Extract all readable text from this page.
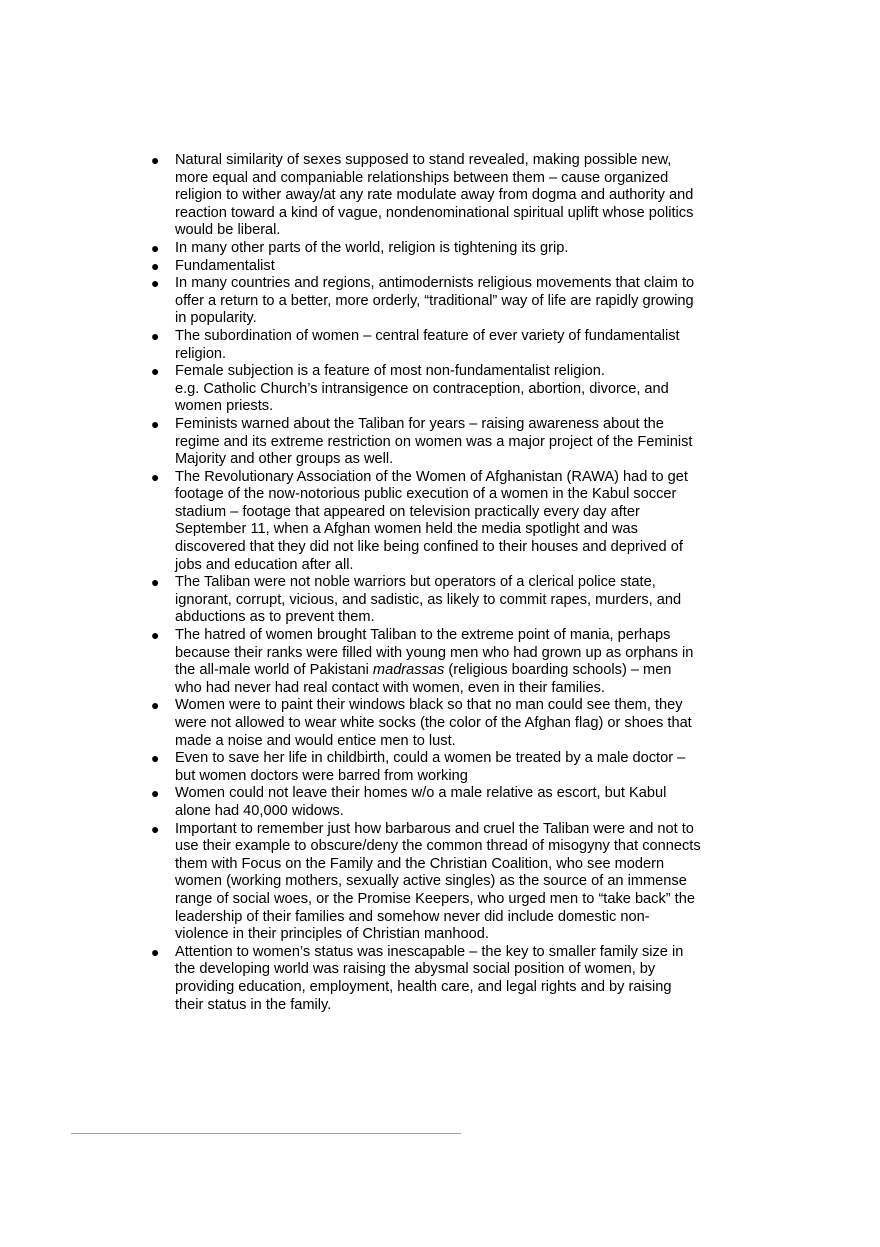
● Natural similarity of sexes supposed to stand revealed, making possible new,
more equal and companiable relationships between them – cause organized
religion to wither away/at any rate modulate away from dogma and authority and
reaction toward a kind of vague, nondenominational spiritual uplift whose politics
would be liberal.
● In many other parts of the world, religion is tightening its grip.
● Fundamentalist
● In many countries and regions, antimodernists religious movements that claim to
offer a return to a better, more orderly, “traditional” way of life are rapidly growing
in popularity.
● The subordination of women – central feature of ever variety of fundamentalist
religion.
● Female subjection is a feature of most non-fundamentalist religion.
e.g. Catholic Church’s intransigence on contraception, abortion, divorce, and
women priests.
● Feminists warned about the Taliban for years – raising awareness about the
regime and its extreme restriction on women was a major project of the Feminist
Majority and other groups as well.
● The Revolutionary Association of the Women of Afghanistan (RAWA) had to get
footage of the now-notorious public execution of a women in the Kabul soccer
stadium – footage that appeared on television practically every day after
September 11, when a Afghan women held the media spotlight and was
discovered that they did not like being confined to their houses and deprived of
jobs and education after all.
● The Taliban were not noble warriors but operators of a clerical police state,
ignorant, corrupt, vicious, and sadistic, as likely to commit rapes, murders, and
abductions as to prevent them.
● The hatred of women brought Taliban to the extreme point of mania, perhaps
because their ranks were filled with young men who had grown up as orphans in
the all-male world of Pakistani madrassas (religious boarding schools) – men
who had never had real contact with women, even in their families.
● Women were to paint their windows black so that no man could see them, they
were not allowed to wear white socks (the color of the Afghan flag) or shoes that
made a noise and would entice men to lust.
● Even to save her life in childbirth, could a women be treated by a male doctor –
but women doctors were barred from working
● Women could not leave their homes w/o a male relative as escort, but Kabul
alone had 40,000 widows.
● Important to remember just how barbarous and cruel the Taliban were and not to
use their example to obscure/deny the common thread of misogyny that connects
them with Focus on the Family and the Christian Coalition, who see modern
women (working mothers, sexually active singles) as the source of an immense
range of social woes, or the Promise Keepers, who urged men to “take back” the
leadership of their families and somehow never did include domestic non-
violence in their principles of Christian manhood.
● Attention to women’s status was inescapable – the key to smaller family size in
the developing world was raising the abysmal social position of women, by
providing education, employment, health care, and legal rights and by raising
their status in the family.
